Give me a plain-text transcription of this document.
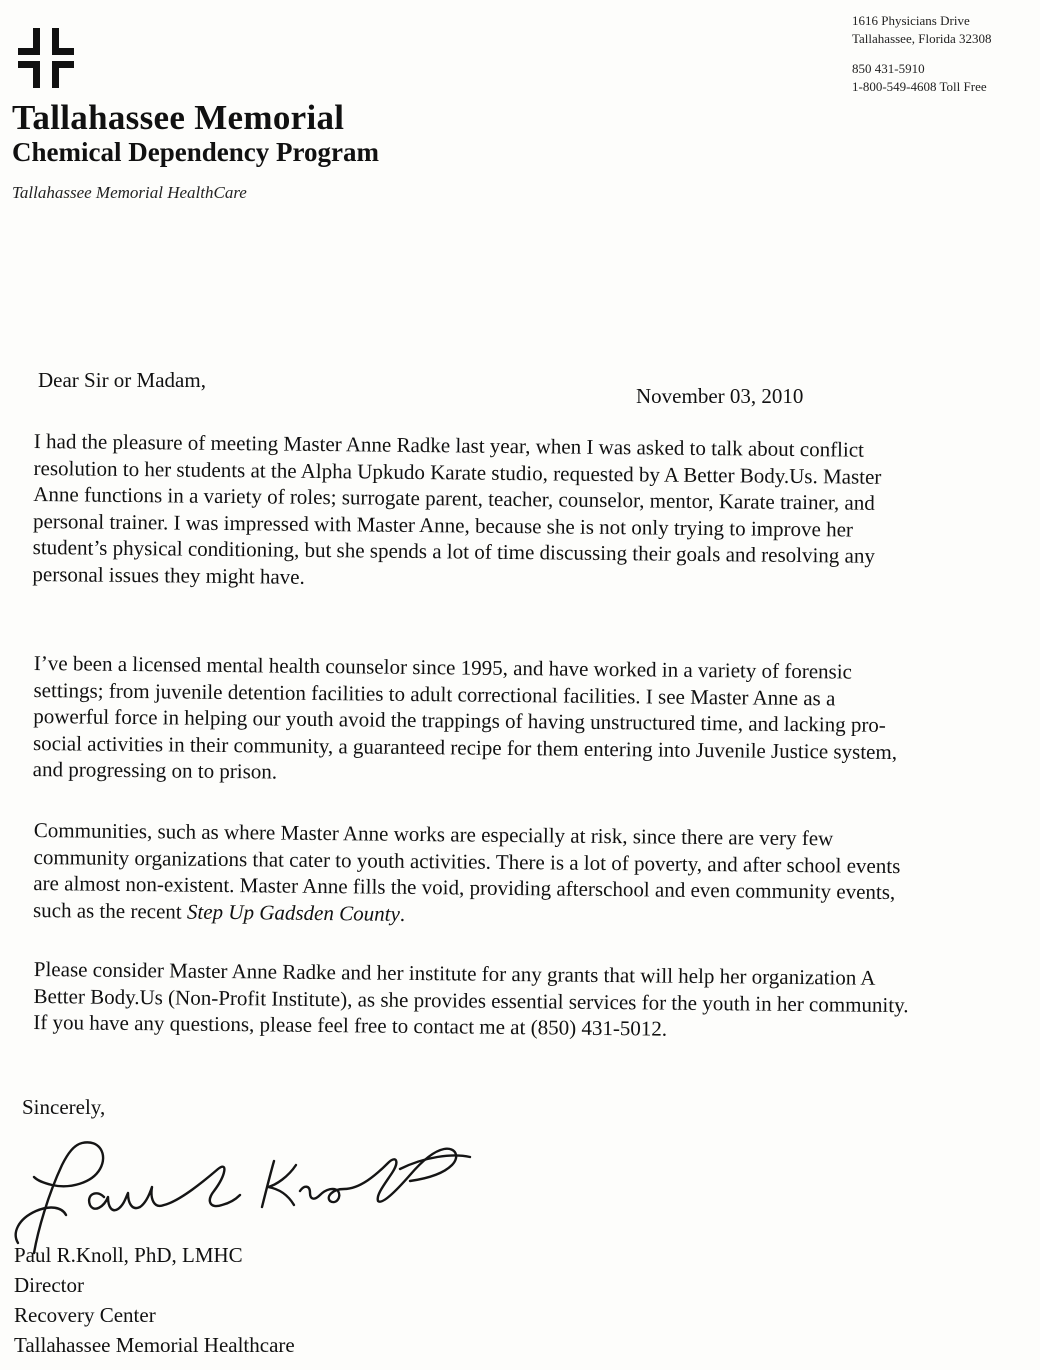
Tallahassee Memorial
Chemical Dependency Program
Tallahassee Memorial HealthCare
1616 Physicians Drive
Tallahassee, Florida 32308
850 431-5910
1-800-549-4608 Toll Free
Dear Sir or Madam,
November 03, 2010

I had the pleasure of meeting Master Anne Radke last year, when I was asked to talk about conflict resolution to her students at the Alpha Upkudo Karate studio, requested by A Better Body.Us. Master Anne functions in a variety of roles; surrogate parent, teacher, counselor, mentor, Karate trainer, and personal trainer. I was impressed with Master Anne, because she is not only trying to improve her student’s physical conditioning, but she spends a lot of time discussing their goals and resolving any personal issues they might have.

I’ve been a licensed mental health counselor since 1995, and have worked in a variety of forensic settings; from juvenile detention facilities to adult correctional facilities. I see Master Anne as a powerful force in helping our youth avoid the trappings of having unstructured time, and lacking pro-social activities in their community, a guaranteed recipe for them entering into Juvenile Justice system, and progressing on to prison.

Communities, such as where Master Anne works are especially at risk, since there are very few community organizations that cater to youth activities. There is a lot of poverty, and after school events are almost non-existent. Master Anne fills the void, providing afterschool and even community events, such as the recent Step Up Gadsden County.

Please consider Master Anne Radke and her institute for any grants that will help her organization A Better Body.Us (Non-Profit Institute), as she provides essential services for the youth in her community. If you have any questions, please feel free to contact me at (850) 431-5012.

Sincerely,
Paul R.Knoll, PhD, LMHC
Director
Recovery Center
Tallahassee Memorial Healthcare
